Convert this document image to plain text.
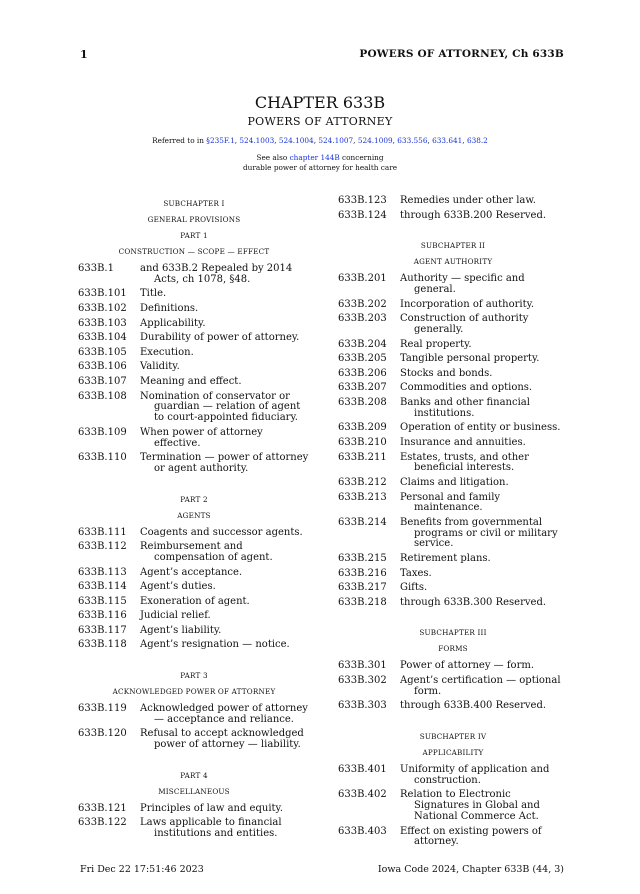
1	POWERS OF ATTORNEY, Ch 633B
CHAPTER 633B
POWERS OF ATTORNEY
Referred to in §235F.1, 524.1003, 524.1004, 524.1007, 524.1009, 633.556, 633.641, 638.2
See also chapter 144B concerning
durable power of attorney for health care
SUBCHAPTER I
GENERAL PROVISIONS
PART 1
CONSTRUCTION — SCOPE — EFFECT
633B.1	and 633B.2 Repealed by 2014 Acts, ch 1078, §48.
633B.101	Title.
633B.102	Definitions.
633B.103	Applicability.
633B.104	Durability of power of attorney.
633B.105	Execution.
633B.106	Validity.
633B.107	Meaning and effect.
633B.108	Nomination of conservator or guardian — relation of agent to court-appointed fiduciary.
633B.109	When power of attorney effective.
633B.110	Termination — power of attorney or agent authority.
PART 2
AGENTS
633B.111	Coagents and successor agents.
633B.112	Reimbursement and compensation of agent.
633B.113	Agent’s acceptance.
633B.114	Agent’s duties.
633B.115	Exoneration of agent.
633B.116	Judicial relief.
633B.117	Agent’s liability.
633B.118	Agent’s resignation — notice.
PART 3
ACKNOWLEDGED POWER OF ATTORNEY
633B.119	Acknowledged power of attorney — acceptance and reliance.
633B.120	Refusal to accept acknowledged power of attorney — liability.
PART 4
MISCELLANEOUS
633B.121	Principles of law and equity.
633B.122	Laws applicable to financial institutions and entities.
633B.123	Remedies under other law.
633B.124	through 633B.200 Reserved.
SUBCHAPTER II
AGENT AUTHORITY
633B.201	Authority — specific and general.
633B.202	Incorporation of authority.
633B.203	Construction of authority generally.
633B.204	Real property.
633B.205	Tangible personal property.
633B.206	Stocks and bonds.
633B.207	Commodities and options.
633B.208	Banks and other financial institutions.
633B.209	Operation of entity or business.
633B.210	Insurance and annuities.
633B.211	Estates, trusts, and other beneficial interests.
633B.212	Claims and litigation.
633B.213	Personal and family maintenance.
633B.214	Benefits from governmental programs or civil or military service.
633B.215	Retirement plans.
633B.216	Taxes.
633B.217	Gifts.
633B.218	through 633B.300 Reserved.
SUBCHAPTER III
FORMS
633B.301	Power of attorney — form.
633B.302	Agent’s certification — optional form.
633B.303	through 633B.400 Reserved.
SUBCHAPTER IV
APPLICABILITY
633B.401	Uniformity of application and construction.
633B.402	Relation to Electronic Signatures in Global and National Commerce Act.
633B.403	Effect on existing powers of attorney.
Fri Dec 22 17:51:46 2023	Iowa Code 2024, Chapter 633B (44, 3)
